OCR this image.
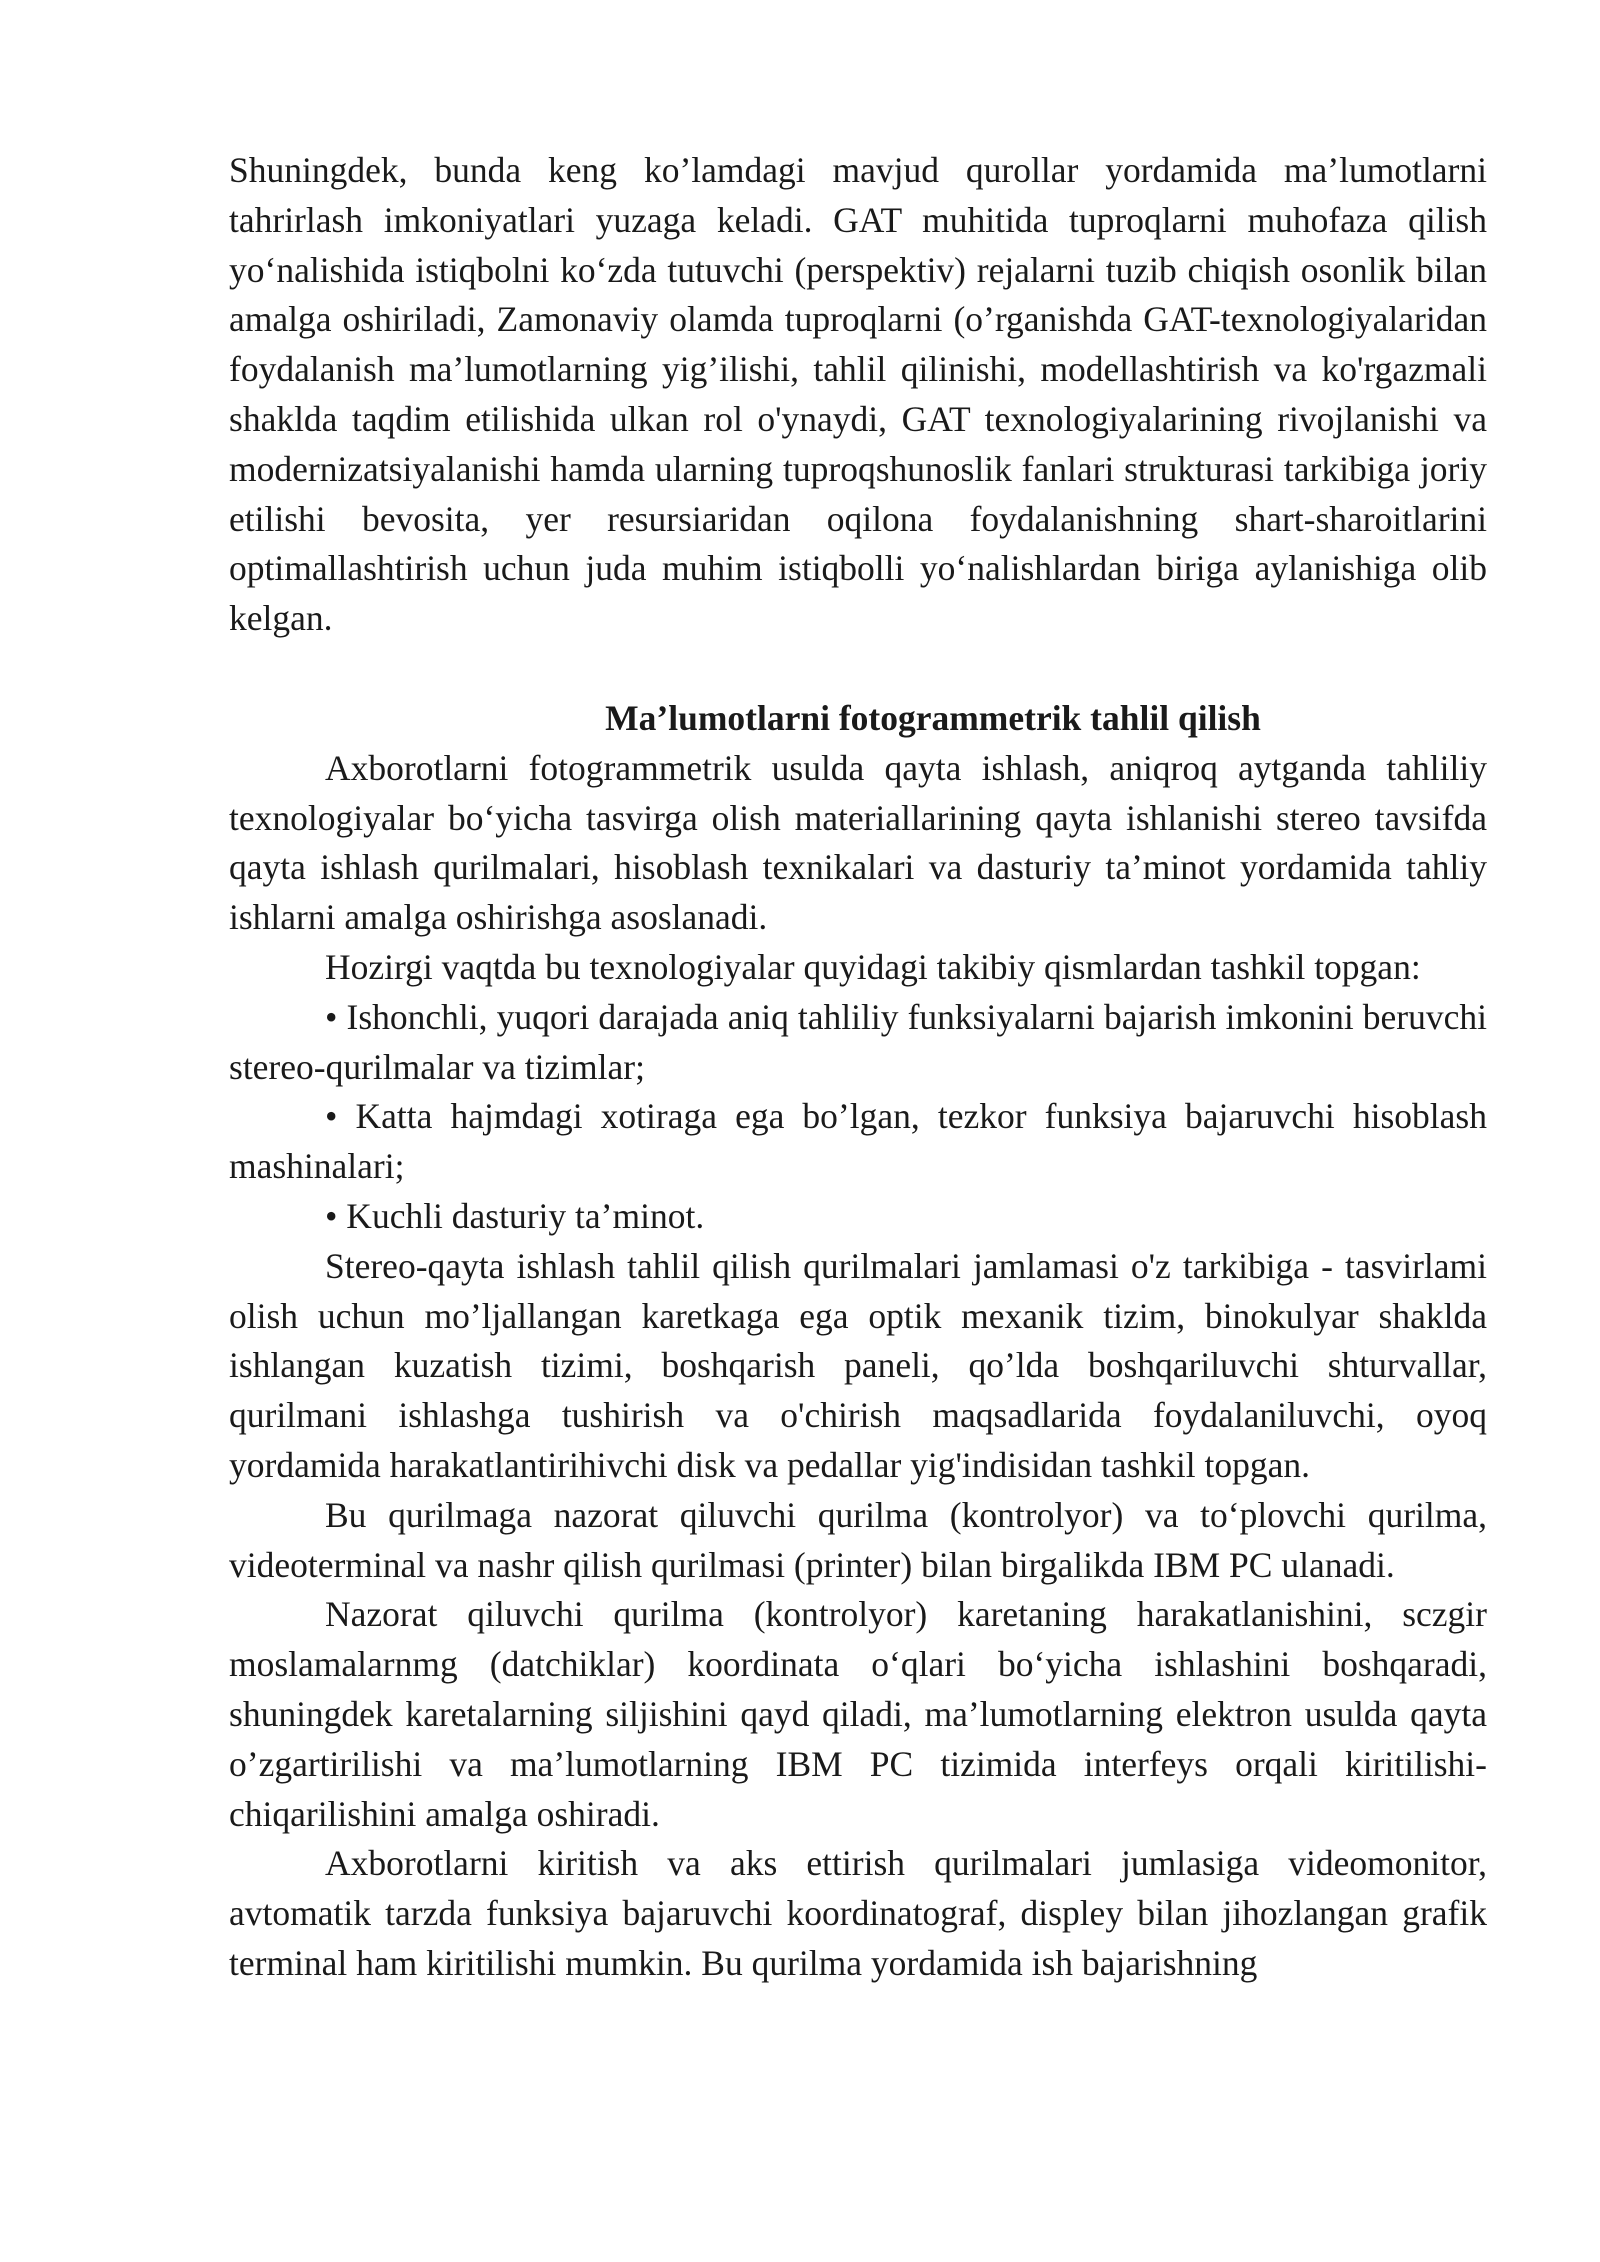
Shuningdek, bunda keng ko’lamdagi mavjud qurollar yordamida ma’lumotlarni tahrirlash imkoniyatlari yuzaga keladi. GAT muhitida tuproqlarni muhofaza qilish yo‘nalishida istiqbolni ko‘zda tutuvchi (perspektiv) rejalarni tuzib chiqish osonlik bilan amalga oshiriladi, Zamonaviy olamda tuproqlarni (o’rganishda GAT-texnologiyalaridan foydalanish ma’lumotlarning yig’ilishi, tahlil qilinishi, modellashtirish va ko'rgazmali shaklda taqdim etilishida ulkan rol o'ynaydi, GAT texnologiyalarining rivojlanishi va modernizatsiyalanishi hamda ularning tuproqshunoslik fanlari strukturasi tarkibiga joriy etilishi bevosita, yer resursiaridan oqilona foydalanishning shart-sharoitlarini optimallashtirish uchun juda muhim istiqbolli yo‘nalishlardan biriga aylanishiga olib kelgan.

Ma’lumotlarni fotogrammetrik tahlil qilish

Axborotlarni fotogrammetrik usulda qayta ishlash, aniqroq aytganda tahliliy texnologiyalar bo‘yicha tasvirga olish materiallarining qayta ishlanishi stereo tavsifda qayta ishlash qurilmalari, hisoblash texnikalari va dasturiy ta’minot yordamida tahliy ishlarni amalga oshirishga asoslanadi.

Hozirgi vaqtda bu texnologiyalar quyidagi takibiy qismlardan tashkil topgan:

• Ishonchli, yuqori darajada aniq tahliliy funksiyalarni bajarish imkonini beruvchi stereo-qurilmalar va tizimlar;

• Katta hajmdagi xotiraga ega bo’lgan, tezkor funksiya bajaruvchi hisoblash mashinalari;

• Kuchli dasturiy ta’minot.

Stereo-qayta ishlash tahlil qilish qurilmalari jamlamasi o'z tarkibiga - tasvirlami olish uchun mo’ljallangan karetkaga ega optik mexanik tizim, binokulyar shaklda ishlangan kuzatish tizimi, boshqarish paneli, qo’lda boshqariluvchi shturvallar, qurilmani ishlashga tushirish va o'chirish maqsadlarida foydalaniluvchi, oyoq yordamida harakatlantirihivchi disk va pedallar yig'indisidan tashkil topgan.

Bu qurilmaga nazorat qiluvchi qurilma (kontrolyor) va to‘plovchi qurilma, videoterminal va nashr qilish qurilmasi (printer) bilan birgalikda IBM PC ulanadi.

Nazorat qiluvchi qurilma (kontrolyor) karetaning harakatlanishini, sczgir moslamalarnmg (datchiklar) koordinata o‘qlari bo‘yicha ishlashini boshqaradi, shuningdek karetalarning siljishini qayd qiladi, ma’lumotlarning elektron usulda qayta o’zgartirilishi va ma’lumotlarning IBM PC tizimida interfeys orqali kiritilishi-chiqarilishini amalga oshiradi.

Axborotlarni kiritish va aks ettirish qurilmalari jumlasiga videomonitor, avtomatik tarzda funksiya bajaruvchi koordinatograf, displey bilan jihozlangan grafik terminal ham kiritilishi mumkin. Bu qurilma yordamida ish bajarishning
